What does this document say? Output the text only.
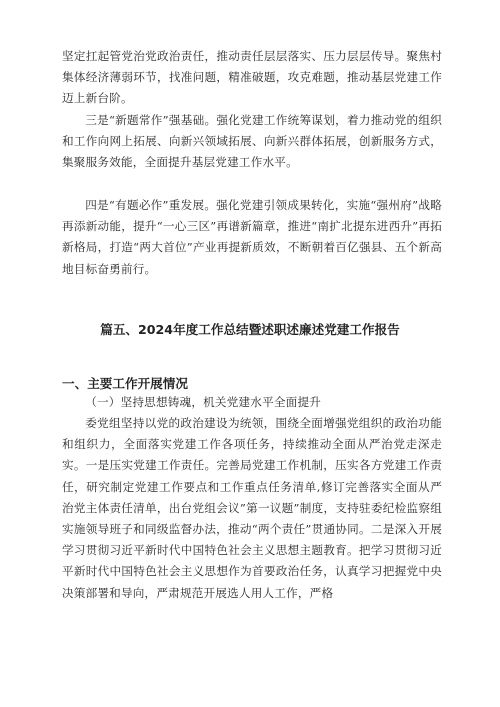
坚定扛起管党治党政治责任，推动责任层层落实、压力层层传导。聚焦村集体经济薄弱环节，找准问题，精准破题，攻克难题，推动基层党建工作迈上新台阶。
三是“新题常作”强基础。强化党建工作统筹谋划，着力推动党的组织和工作向网上拓展、向新兴领域拓展、向新兴群体拓展，创新服务方式，集聚服务效能，全面提升基层党建工作水平。
四是“有题必作”重发展。强化党建引领成果转化，实施“强州府”战略再添新动能，提升“一心三区”再谱新篇章，推进“南扩北提东进西升”再拓新格局，打造“两大首位”产业再提新质效，不断朝着百亿强县、五个新高地目标奋勇前行。
篇五、2024年度工作总结暨述职述廉述党建工作报告
一、主要工作开展情况
（一）坚持思想铸魂，机关党建水平全面提升
委党组坚持以党的政治建设为统领，围绕全面增强党组织的政治功能和组织力，全面落实党建工作各项任务，持续推动全面从严治党走深走实。一是压实党建工作责任。完善局党建工作机制，压实各方党建工作责任，研究制定党建工作要点和工作重点任务清单,修订完善落实全面从严治党主体责任清单，出台党组会议”第一议题”制度，支持驻委纪检监察组实施领导班子和同级监督办法，推动“两个责任”贯通协同。二是深入开展学习贯彻习近平新时代中国特色社会主义思想主题教育。把学习贯彻习近平新时代中国特色社会主义思想作为首要政治任务，认真学习把握党中央决策部署和导向，严肃规范开展选人用人工作，严格
